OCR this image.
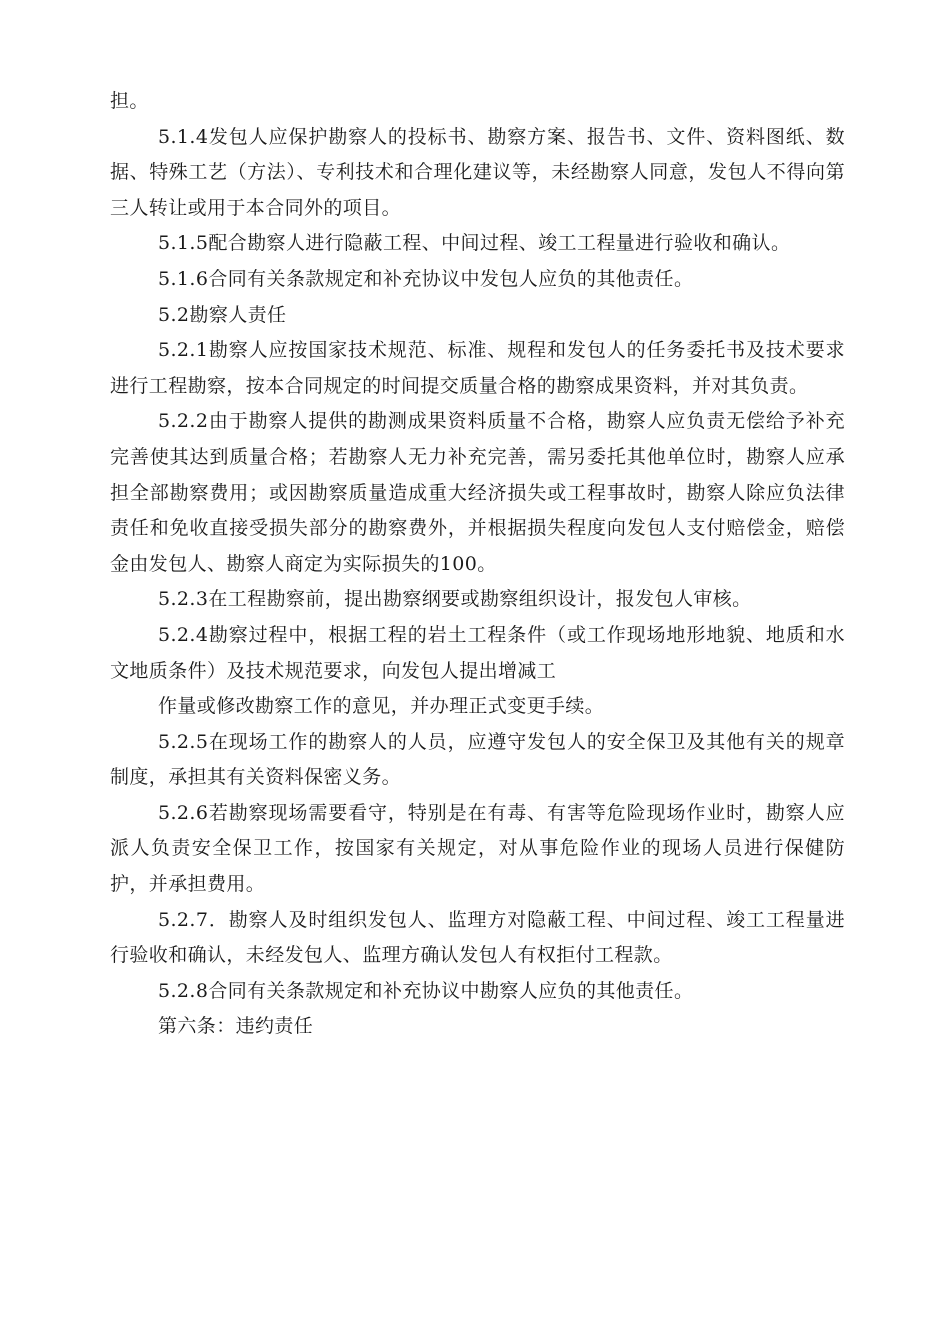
担。

5.1.4发包人应保护勘察人的投标书、勘察方案、报告书、文件、资料图纸、数据、特殊工艺（方法）、专利技术和合理化建议等，未经勘察人同意，发包人不得向第三人转让或用于本合同外的项目。

5.1.5配合勘察人进行隐蔽工程、中间过程、竣工工程量进行验收和确认。

5.1.6合同有关条款规定和补充协议中发包人应负的其他责任。

5.2勘察人责任

5.2.1勘察人应按国家技术规范、标准、规程和发包人的任务委托书及技术要求进行工程勘察，按本合同规定的时间提交质量合格的勘察成果资料，并对其负责。

5.2.2由于勘察人提供的勘测成果资料质量不合格，勘察人应负责无偿给予补充完善使其达到质量合格；若勘察人无力补充完善，需另委托其他单位时，勘察人应承担全部勘察费用；或因勘察质量造成重大经济损失或工程事故时，勘察人除应负法律责任和免收直接受损失部分的勘察费外，并根据损失程度向发包人支付赔偿金，赔偿金由发包人、勘察人商定为实际损失的100。

5.2.3在工程勘察前，提出勘察纲要或勘察组织设计，报发包人审核。

5.2.4勘察过程中，根据工程的岩土工程条件（或工作现场地形地貌、地质和水文地质条件）及技术规范要求，向发包人提出增减工

作量或修改勘察工作的意见，并办理正式变更手续。

5.2.5在现场工作的勘察人的人员，应遵守发包人的安全保卫及其他有关的规章制度，承担其有关资料保密义务。

5.2.6若勘察现场需要看守，特别是在有毒、有害等危险现场作业时，勘察人应派人负责安全保卫工作，按国家有关规定，对从事危险作业的现场人员进行保健防护，并承担费用。

5.2.7．勘察人及时组织发包人、监理方对隐蔽工程、中间过程、竣工工程量进行验收和确认，未经发包人、监理方确认发包人有权拒付工程款。

5.2.8合同有关条款规定和补充协议中勘察人应负的其他责任。

第六条：违约责任
